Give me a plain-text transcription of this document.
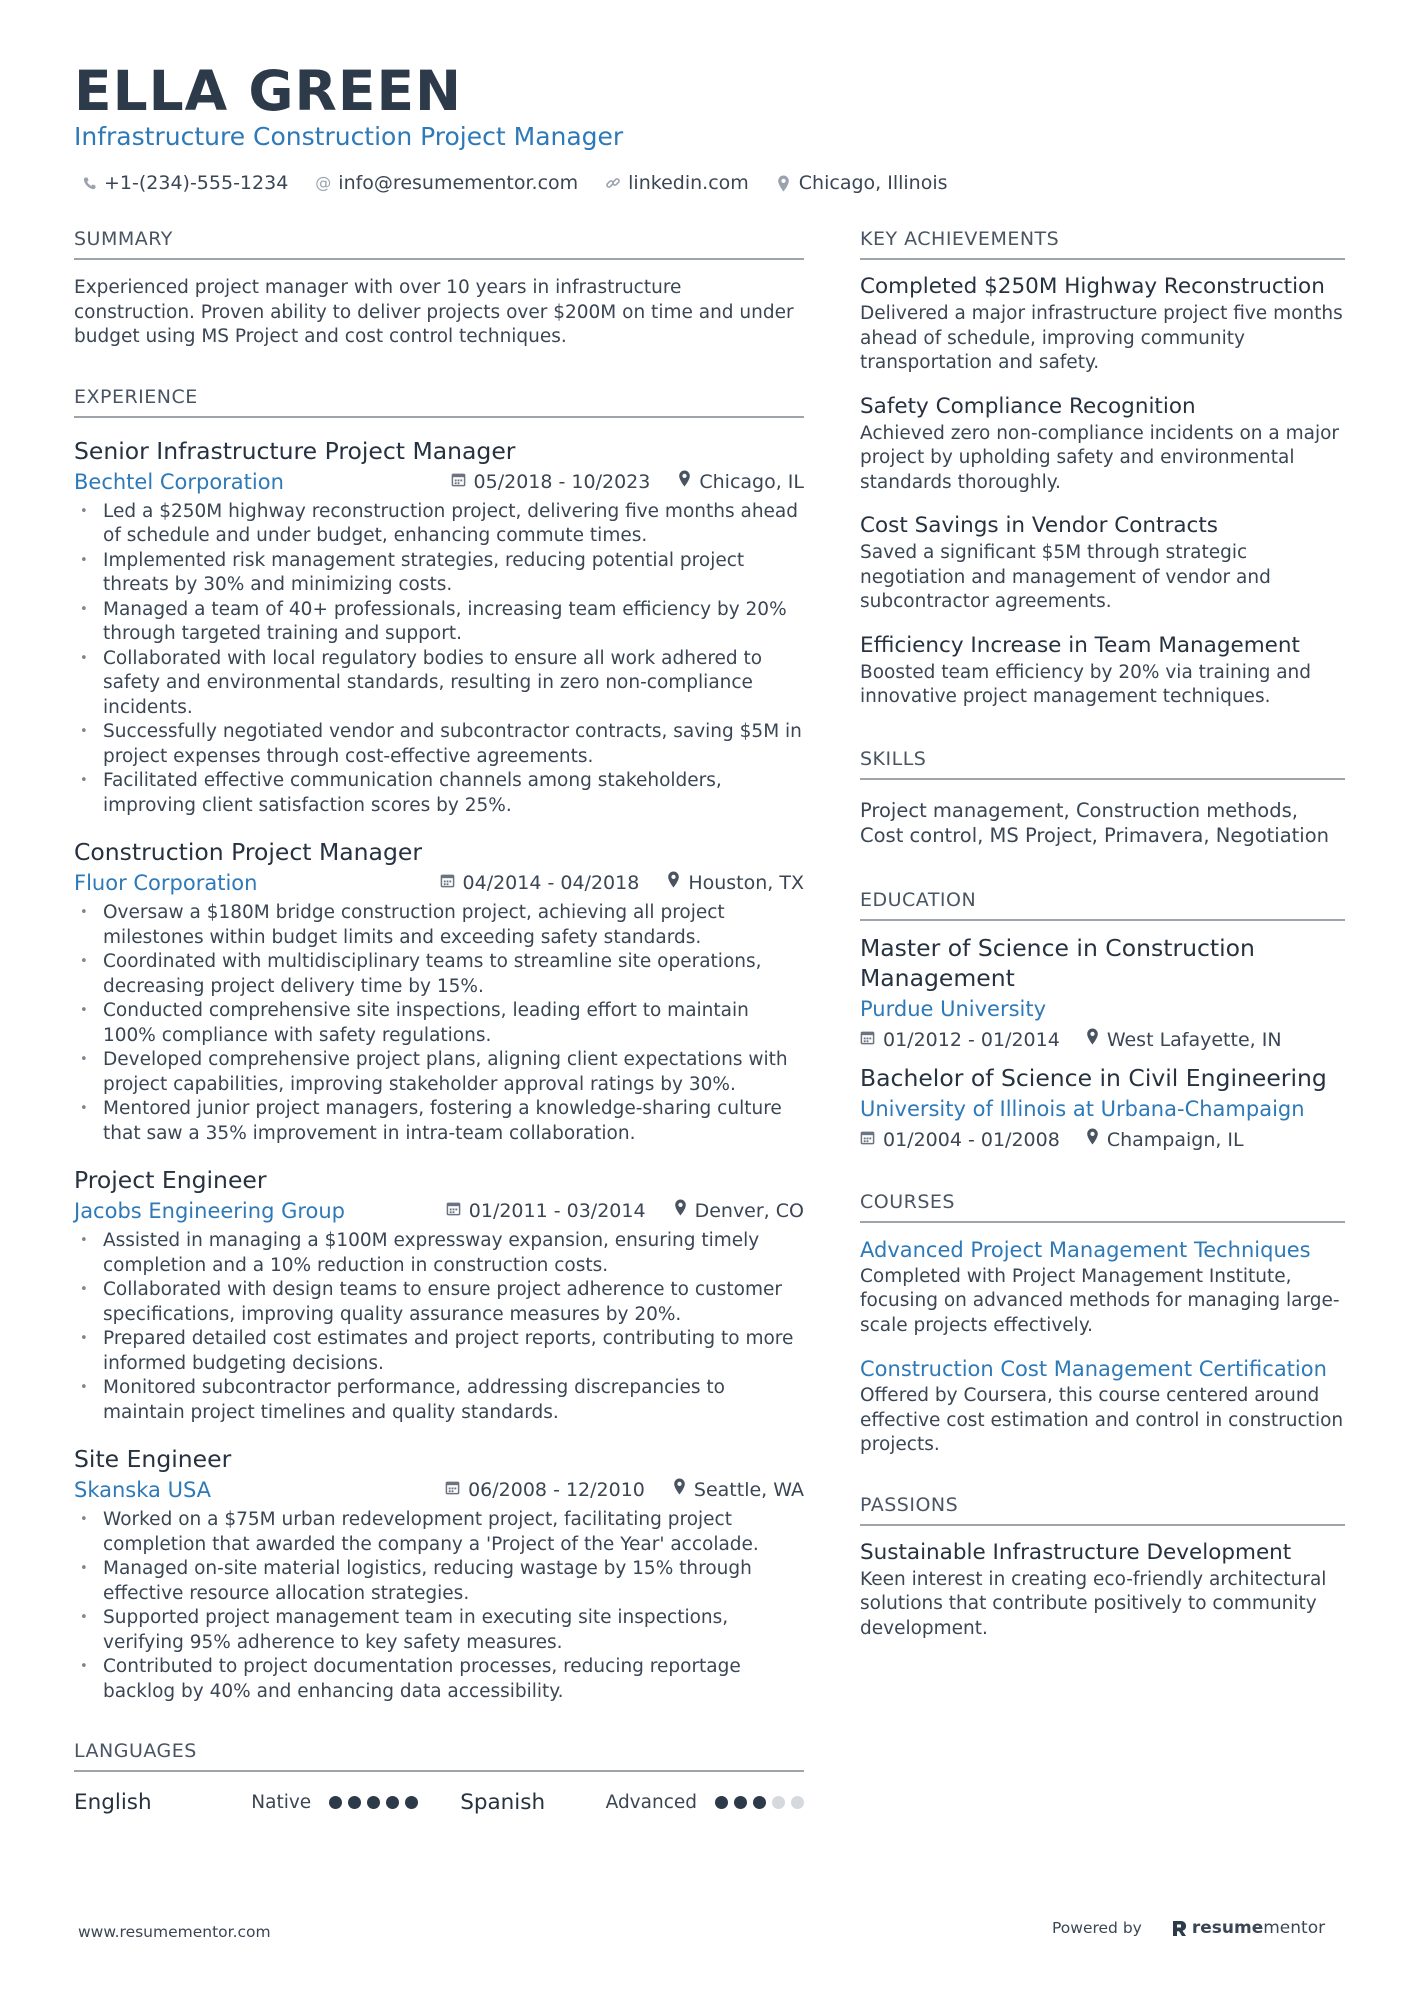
ELLA GREEN
Infrastructure Construction Project Manager
+1-(234)-555-1234 @ info@resumementor.com	linkedin.com	Chicago, Illinois
SUMMARY

Experienced project manager with over 10 years in infrastructure construction. Proven ability to deliver projects over $200M on time and under budget using MS Project and cost control techniques.

EXPERIENCE
Senior Infrastructure Project Manager
Bechtel Corporation	05/2018 - 10/2023	Chicago, IL
• Led a $250M highway reconstruction project, delivering five months ahead of schedule and under budget, enhancing commute times.
• Implemented risk management strategies, reducing potential project threats by 30% and minimizing costs.
• Managed a team of 40+ professionals, increasing team efficiency by 20% through targeted training and support.
• Collaborated with local regulatory bodies to ensure all work adhered to safety and environmental standards, resulting in zero non-compliance incidents.
• Successfully negotiated vendor and subcontractor contracts, saving $5M in project expenses through cost-effective agreements.
• Facilitated effective communication channels among stakeholders, improving client satisfaction scores by 25%.
Construction Project Manager
Fluor Corporation	04/2014 - 04/2018	Houston, TX
• Oversaw a $180M bridge construction project, achieving all project milestones within budget limits and exceeding safety standards.
• Coordinated with multidisciplinary teams to streamline site operations, decreasing project delivery time by 15%.
• Conducted comprehensive site inspections, leading effort to maintain 100% compliance with safety regulations.
• Developed comprehensive project plans, aligning client expectations with project capabilities, improving stakeholder approval ratings by 30%.
• Mentored junior project managers, fostering a knowledge-sharing culture that saw a 35% improvement in intra-team collaboration.
Project Engineer
Jacobs Engineering Group	01/2011 - 03/2014	Denver, CO
• Assisted in managing a $100M expressway expansion, ensuring timely completion and a 10% reduction in construction costs.
• Collaborated with design teams to ensure project adherence to customer specifications, improving quality assurance measures by 20%.
• Prepared detailed cost estimates and project reports, contributing to more informed budgeting decisions.
• Monitored subcontractor performance, addressing discrepancies to maintain project timelines and quality standards.
Site Engineer
Skanska USA	06/2008 - 12/2010	Seattle, WA
• Worked on a $75M urban redevelopment project, facilitating project completion that awarded the company a 'Project of the Year' accolade.
• Managed on-site material logistics, reducing wastage by 15% through effective resource allocation strategies.
• Supported project management team in executing site inspections, verifying 95% adherence to key safety measures.
• Contributed to project documentation processes, reducing reportage backlog by 40% and enhancing data accessibility.
LANGUAGES
English	Native	Spanish	Advanced
KEY ACHIEVEMENTS
Completed $250M Highway Reconstruction

Delivered a major infrastructure project five months ahead of schedule, improving community transportation and safety.

Safety Compliance Recognition

Achieved zero non-compliance incidents on a major project by upholding safety and environmental standards thoroughly.

Cost Savings in Vendor Contracts

Saved a significant $5M through strategic negotiation and management of vendor and subcontractor agreements.

Efficiency Increase in Team Management

Boosted team efficiency by 20% via training and innovative project management techniques.

SKILLS

Project management, Construction methods, Cost control, MS Project, Primavera, Negotiation

EDUCATION
Master of Science in Construction Management
Purdue University
01/2012 - 01/2014 West Lafayette, IN
Bachelor of Science in Civil Engineering
University of Illinois at Urbana-Champaign
01/2004 - 01/2008 Champaign, IL
COURSES
Advanced Project Management Techniques

Completed with Project Management Institute, focusing on advanced methods for managing large-scale projects effectively.

Construction Cost Management Certification

Offered by Coursera, this course centered around effective cost estimation and control in construction projects.

PASSIONS
Sustainable Infrastructure Development

Keen interest in creating eco-friendly architectural solutions that contribute positively to community development.

www.resumementor.com	Powered by	resumementor
